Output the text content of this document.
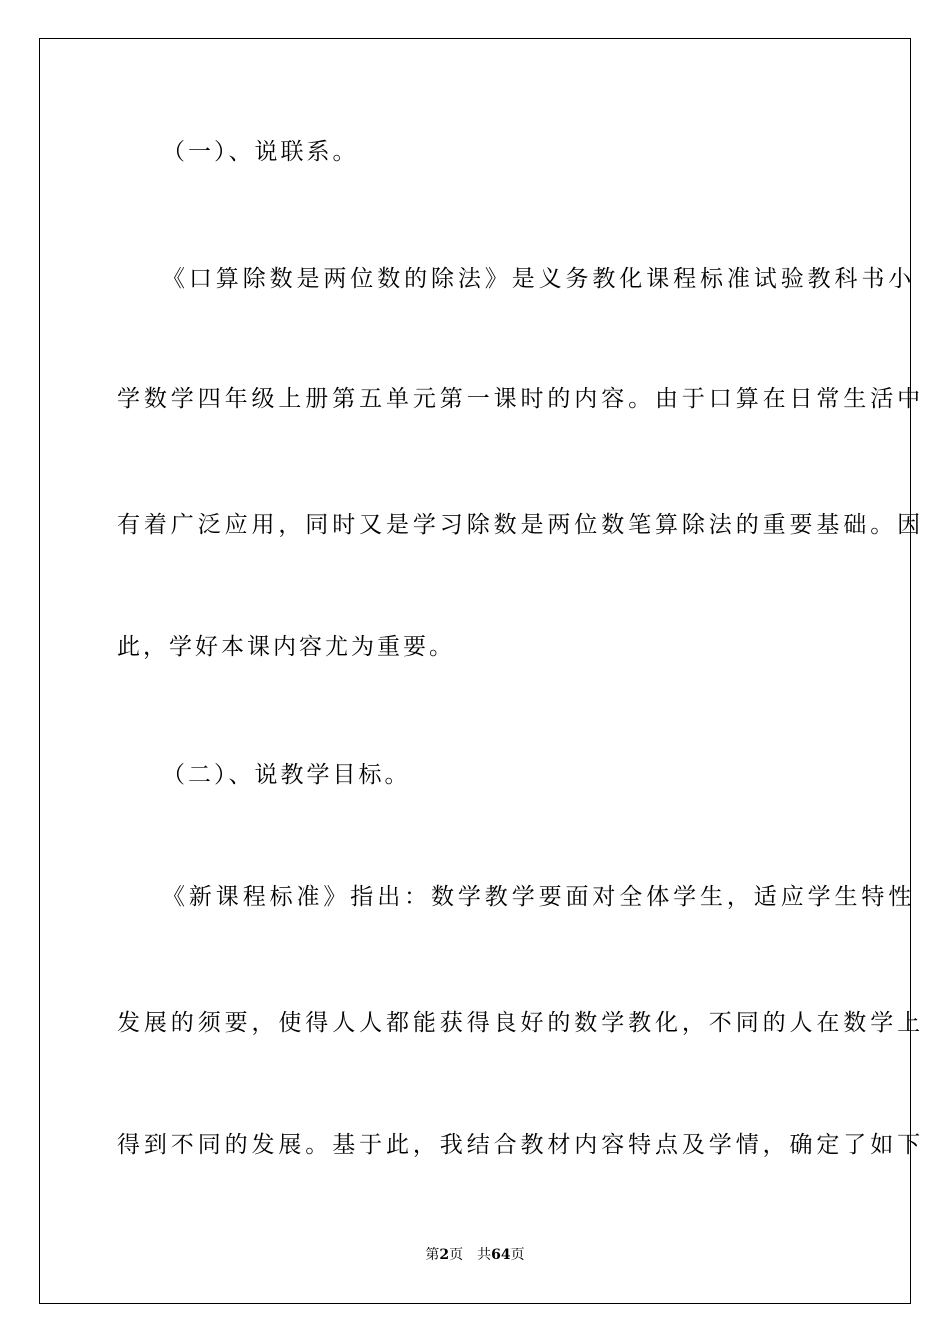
（一）、说联系。
《口算除数是两位数的除法》是义务教化课程标准试验教科书小
学数学四年级上册第五单元第一课时的内容。由于口算在日常生活中
有着广泛应用，同时又是学习除数是两位数笔算除法的重要基础。因
此，学好本课内容尤为重要。
（二）、说教学目标。
《新课程标准》指出：数学教学要面对全体学生，适应学生特性
发展的须要，使得人人都能获得良好的数学教化，不同的人在数学上
得到不同的发展。基于此，我结合教材内容特点及学情，确定了如下
第2页 共64页
